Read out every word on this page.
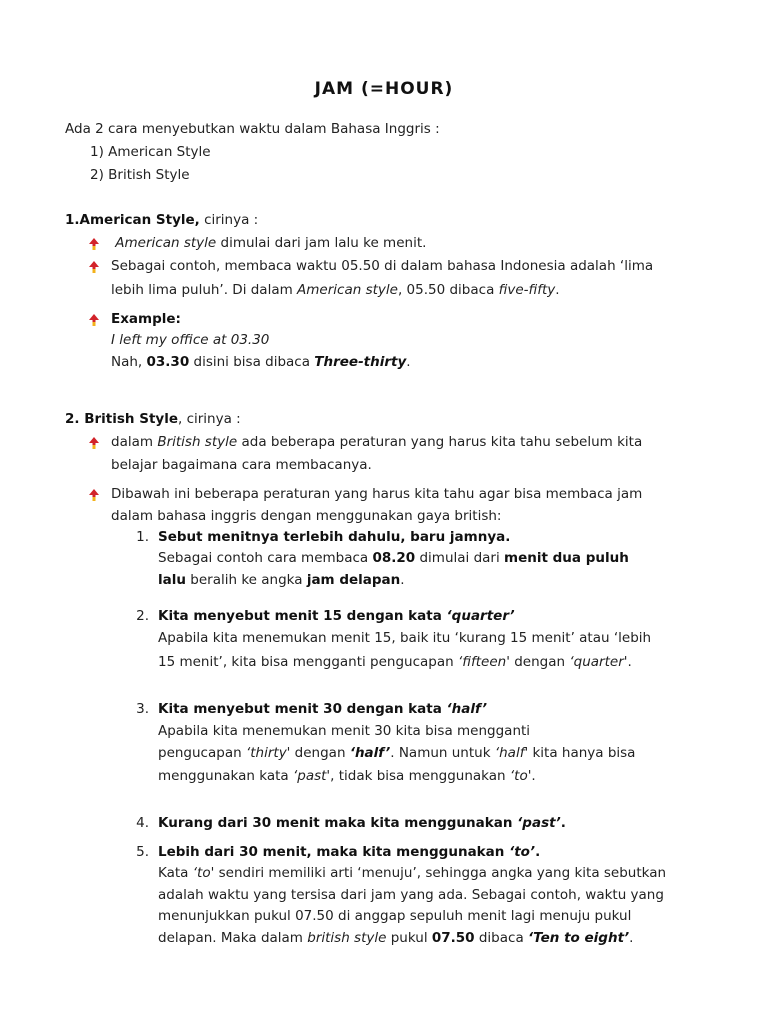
JAM (=HOUR)
Ada 2 cara menyebutkan waktu dalam Bahasa Inggris :
1) American Style
2) British Style
1.American Style, cirinya :
American style dimulai dari jam lalu ke menit.
Sebagai contoh, membaca waktu 05.50 di dalam bahasa Indonesia adalah ‘lima
lebih lima puluh’. Di dalam American style, 05.50 dibaca five-fifty.
Example:
I left my office at 03.30
Nah, 03.30 disini bisa dibaca Three-thirty.
2. British Style, cirinya :
dalam British style ada beberapa peraturan yang harus kita tahu sebelum kita
belajar bagaimana cara membacanya.
Dibawah ini beberapa peraturan yang harus kita tahu agar bisa membaca jam
dalam bahasa inggris dengan menggunakan gaya british:
1. Sebut menitnya terlebih dahulu, baru jamnya.
Sebagai contoh cara membaca 08.20 dimulai dari menit dua puluh
lalu beralih ke angka jam delapan.
2. Kita menyebut menit 15 dengan kata ‘quarter’
Apabila kita menemukan menit 15, baik itu ‘kurang 15 menit’ atau ‘lebih
15 menit’, kita bisa mengganti pengucapan ‘fifteen' dengan ‘quarter'.
3. Kita menyebut menit 30 dengan kata ‘half’
Apabila kita menemukan menit 30 kita bisa mengganti
pengucapan ‘thirty' dengan ‘half’. Namun untuk ‘half' kita hanya bisa
menggunakan kata ‘past', tidak bisa menggunakan ‘to'.
4. Kurang dari 30 menit maka kita menggunakan ‘past’.
5. Lebih dari 30 menit, maka kita menggunakan ‘to’.
Kata ‘to' sendiri memiliki arti ‘menuju’, sehingga angka yang kita sebutkan
adalah waktu yang tersisa dari jam yang ada. Sebagai contoh, waktu yang
menunjukkan pukul 07.50 di anggap sepuluh menit lagi menuju pukul
delapan. Maka dalam british style pukul 07.50 dibaca ‘Ten to eight’.
